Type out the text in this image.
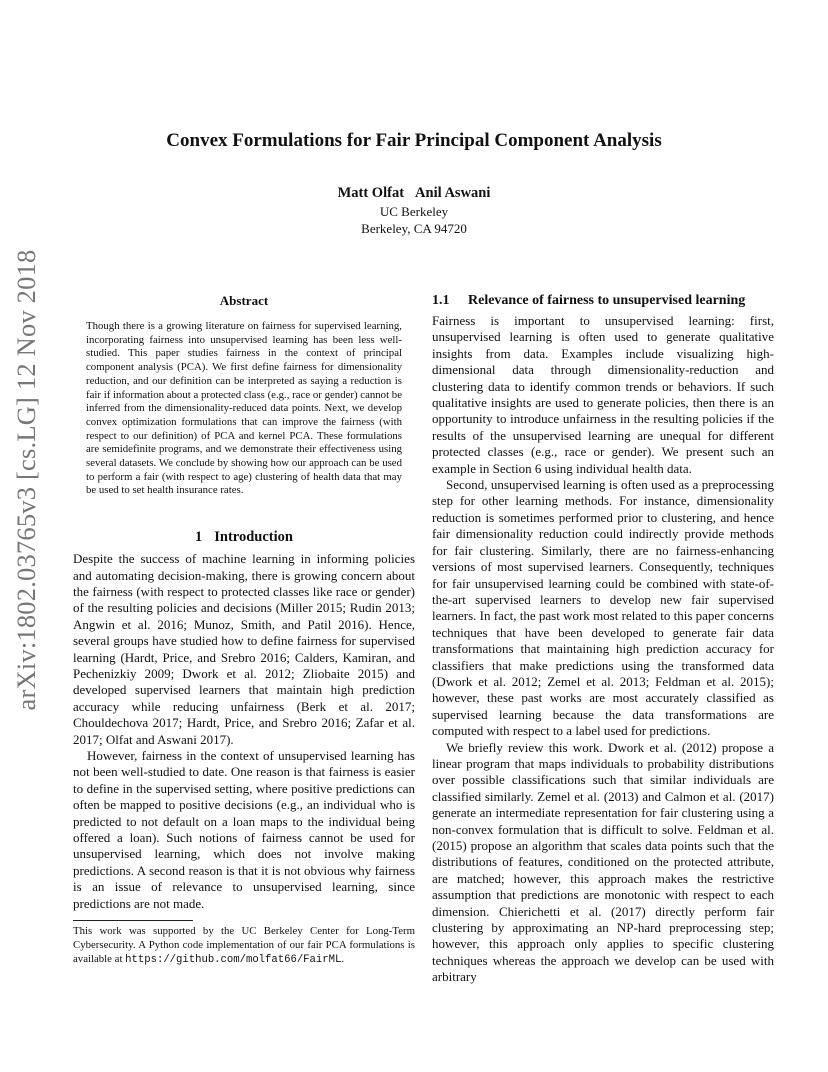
arXiv:1802.03765v3 [cs.LG] 12 Nov 2018
Convex Formulations for Fair Principal Component Analysis
Matt Olfat Anil Aswani
UC Berkeley
Berkeley, CA 94720
Abstract
Though there is a growing literature on fairness for supervised learning, incorporating fairness into unsupervised learning has been less well-studied. This paper studies fairness in the context of principal component analysis (PCA). We first define fairness for dimensionality reduction, and our definition can be interpreted as saying a reduction is fair if information about a protected class (e.g., race or gender) cannot be inferred from the dimensionality-reduced data points. Next, we develop convex optimization formulations that can improve the fairness (with respect to our definition) of PCA and kernel PCA. These formulations are semidefinite programs, and we demonstrate their effectiveness using several datasets. We conclude by showing how our approach can be used to perform a fair (with respect to age) clustering of health data that may be used to set health insurance rates.
1 Introduction

Despite the success of machine learning in informing policies and automating decision-making, there is growing concern about the fairness (with respect to protected classes like race or gender) of the resulting policies and decisions (Miller 2015; Rudin 2013; Angwin et al. 2016; Munoz, Smith, and Patil 2016). Hence, several groups have studied how to define fairness for supervised learning (Hardt, Price, and Srebro 2016; Calders, Kamiran, and Pechenizkiy 2009; Dwork et al. 2012; Zliobaite 2015) and developed supervised learners that maintain high prediction accuracy while reducing unfairness (Berk et al. 2017; Chouldechova 2017; Hardt, Price, and Srebro 2016; Zafar et al. 2017; Olfat and Aswani 2017).

However, fairness in the context of unsupervised learning has not been well-studied to date. One reason is that fairness is easier to define in the supervised setting, where positive predictions can often be mapped to positive decisions (e.g., an individual who is predicted to not default on a loan maps to the individual being offered a loan). Such notions of fairness cannot be used for unsupervised learning, which does not involve making predictions. A second reason is that it is not obvious why fairness is an issue of relevance to unsupervised learning, since predictions are not made.

This work was supported by the UC Berkeley Center for Long-Term Cybersecurity. A Python code implementation of our fair PCA formulations is available at https://github.com/molfat66/FairML.
1.1	Relevance of fairness to unsupervised learning

Fairness is important to unsupervised learning: first, unsupervised learning is often used to generate qualitative insights from data. Examples include visualizing high-dimensional data through dimensionality-reduction and clustering data to identify common trends or behaviors. If such qualitative insights are used to generate policies, then there is an opportunity to introduce unfairness in the resulting policies if the results of the unsupervised learning are unequal for different protected classes (e.g., race or gender). We present such an example in Section 6 using individual health data.

Second, unsupervised learning is often used as a preprocessing step for other learning methods. For instance, dimensionality reduction is sometimes performed prior to clustering, and hence fair dimensionality reduction could indirectly provide methods for fair clustering. Similarly, there are no fairness-enhancing versions of most supervised learners. Consequently, techniques for fair unsupervised learning could be combined with state-of-the-art supervised learners to develop new fair supervised learners. In fact, the past work most related to this paper concerns techniques that have been developed to generate fair data transformations that maintaining high prediction accuracy for classifiers that make predictions using the transformed data (Dwork et al. 2012; Zemel et al. 2013; Feldman et al. 2015); however, these past works are most accurately classified as supervised learning because the data transformations are computed with respect to a label used for predictions.

We briefly review this work. Dwork et al. (2012) propose a linear program that maps individuals to probability distributions over possible classifications such that similar individuals are classified similarly. Zemel et al. (2013) and Calmon et al. (2017) generate an intermediate representation for fair clustering using a non-convex formulation that is difficult to solve. Feldman et al. (2015) propose an algorithm that scales data points such that the distributions of features, conditioned on the protected attribute, are matched; however, this approach makes the restrictive assumption that predictions are monotonic with respect to each dimension. Chierichetti et al. (2017) directly perform fair clustering by approximating an NP-hard preprocessing step; however, this approach only applies to specific clustering techniques whereas the approach we develop can be used with arbitrary
